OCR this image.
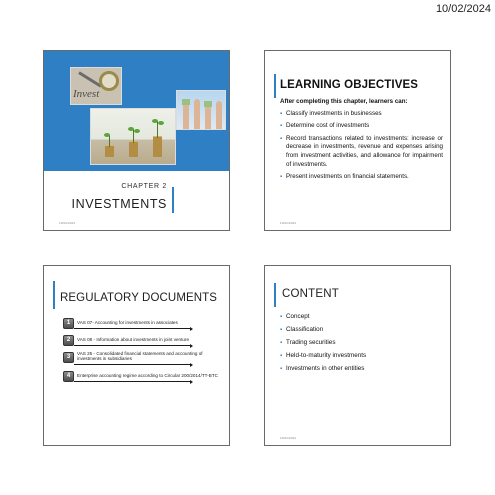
10/02/2024
Invest
CHAPTER 2
INVESTMENTS
10/02/2024
LEARNING OBJECTIVES
After completing this chapter, learners can:
▪ Classify investments in businesses
▪ Determine cost of investments
▪ Record transactions related to investments: increase or decrease in investments, revenue and expenses arising from investment activities, and allowance for impairment of investments.
▪ Present investments on financial statements.
10/02/2024
REGULATORY DOCUMENTS
1	VAS 07- Accounting for investments in associates
2	VAS 08 - Information about investments in joint venture
3
VAS 25 - Consolidated financial statements and accounting of investments in subsidiaries
4	Enterprise accounting regime according to Circular 200/2014/TT-BTC
CONTENT
▪ Concept
▪ Classification
▪ Trading securities
▪ Held-to-maturity investments
▪ Investments in other entities
10/02/2024
